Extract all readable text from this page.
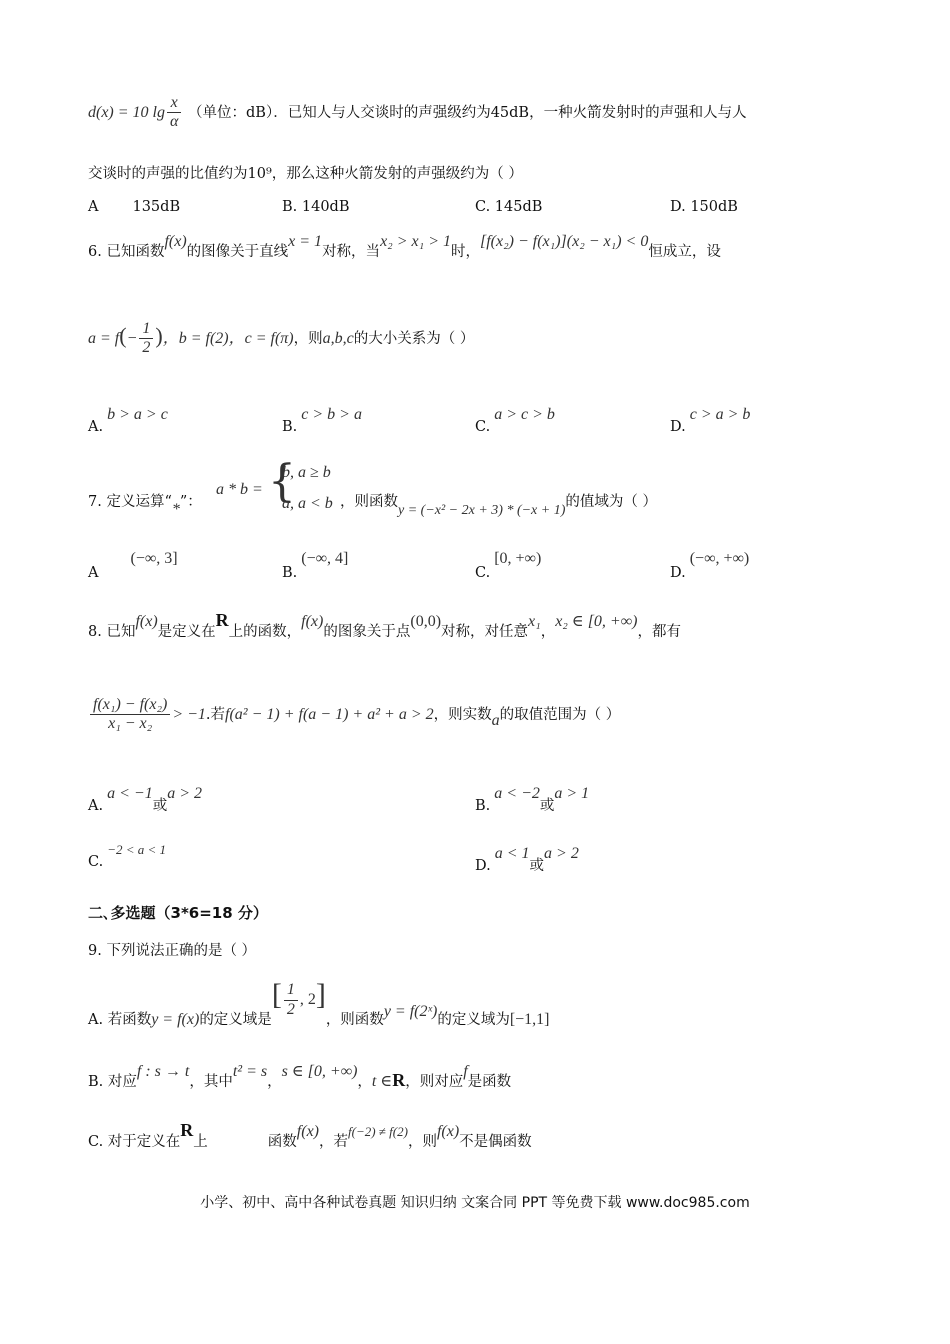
d(x) = 10 $\lg \frac{x}{\alpha}$ （单位：dB）．已知人与人交谈时的声强级约为45dB，一种火箭发射时的声强和人与人
交谈时的声强的比值约为10⁹，那么这种火箭发射的声强级约为（ ）
A 135dB	B. 140dB	C. 145dB	D. 150dB
6. 已知函数f(x)的图像关于直线x = 1对称，当x₂ > x₁ > 1时，[f(x₂) − f(x₁)](x₂ − x₁) < 0恒成立，设
$a = f(- \frac{1}{2}$ )，b = f(2)，c = f(π)，则a,b,c的大小关系为（ ）
A.b > a > c
B.c > b > a
C.a > c > b
D.c > a > b
7. 定义运算“*”：
a * b = {
b, a ≥ b
a, a < b ，则函数y = (−x² − 2x + 3) * (−x + 1)的值域为（ ）
A(−∞, 3]
B.(−∞, 4]
C.[0, +∞)
D.(−∞, +∞)
8. 已知f(x)是定义在R上的函数，f(x)的图象关于点(0,0)对称，对任意x₁，x₂ ∈ [0, +∞)，都有
$\frac{\text{f(x₁) − f(x₂)}}{\text{x₁ − x₂}} > -1$.若f(a² − 1) + f(a − 1) + a² + a > 2，则实数a的取值范围为（ ）
A.a < −1或a > 2
B.a < −2或a > 1
C.−2 < a < 1
D.a < 1或a > 2
二､多选题（3*6=18 分）
9. 下列说法正确的是（ ）
A. 若函数y = f(x)的定义域是[ $\frac{1}{2}$ , 2]，则函数y = f(2ˣ)的定义域为[−1,1]
B. 对应f : s → t，其中t² = s，s ∈ [0, +∞)，t ∈R，则对应f是函数
C. 对于定义在R上	函数f(x)，若f(−2) ≠ f(2)，则f(x)不是偶函数
小学、初中、高中各种试卷真题 知识归纳 文案合同 PPT 等免费下载 www.doc985.com
